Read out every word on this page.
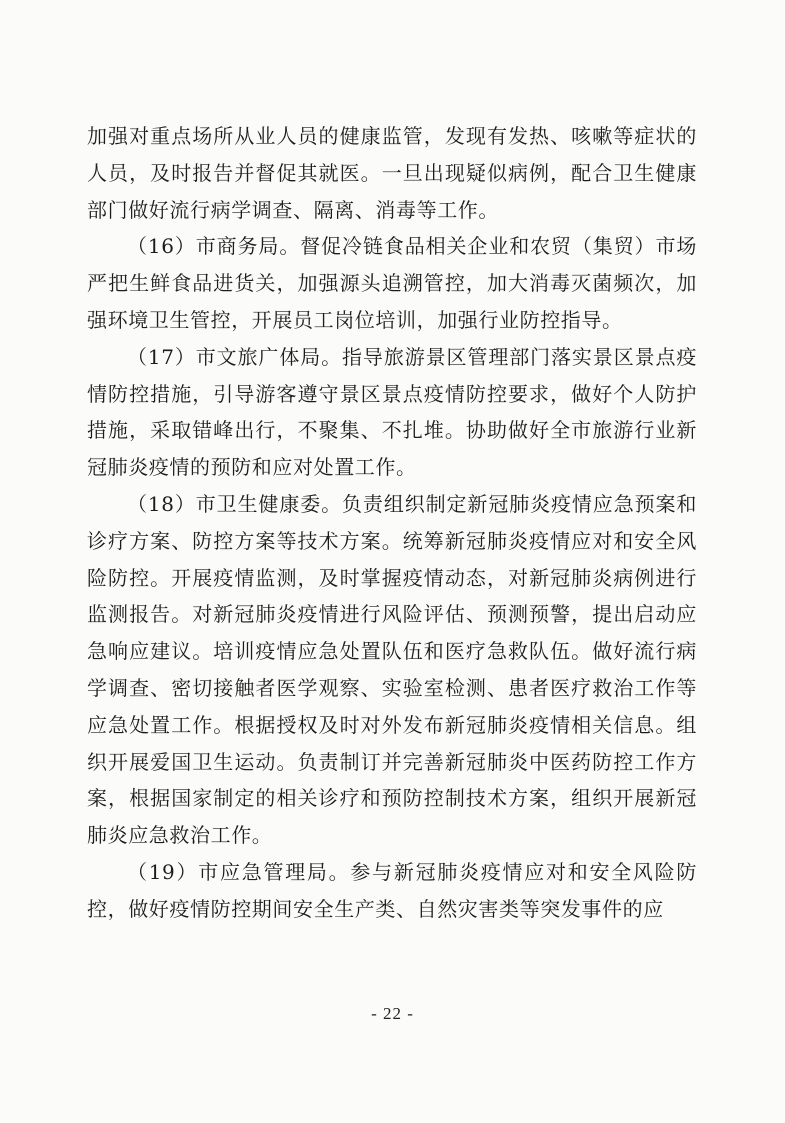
加强对重点场所从业人员的健康监管，发现有发热、咳嗽等症状的人员，及时报告并督促其就医。一旦出现疑似病例，配合卫生健康部门做好流行病学调查、隔离、消毒等工作。

（16）市商务局。督促冷链食品相关企业和农贸（集贸）市场严把生鲜食品进货关，加强源头追溯管控，加大消毒灭菌频次，加强环境卫生管控，开展员工岗位培训，加强行业防控指导。

（17）市文旅广体局。指导旅游景区管理部门落实景区景点疫情防控措施，引导游客遵守景区景点疫情防控要求，做好个人防护措施，采取错峰出行，不聚集、不扎堆。协助做好全市旅游行业新冠肺炎疫情的预防和应对处置工作。

（18）市卫生健康委。负责组织制定新冠肺炎疫情应急预案和诊疗方案、防控方案等技术方案。统筹新冠肺炎疫情应对和安全风险防控。开展疫情监测，及时掌握疫情动态，对新冠肺炎病例进行监测报告。对新冠肺炎疫情进行风险评估、预测预警，提出启动应急响应建议。培训疫情应急处置队伍和医疗急救队伍。做好流行病学调查、密切接触者医学观察、实验室检测、患者医疗救治工作等应急处置工作。根据授权及时对外发布新冠肺炎疫情相关信息。组织开展爱国卫生运动。负责制订并完善新冠肺炎中医药防控工作方案，根据国家制定的相关诊疗和预防控制技术方案，组织开展新冠肺炎应急救治工作。

（19）市应急管理局。参与新冠肺炎疫情应对和安全风险防控，做好疫情防控期间安全生产类、自然灾害类等突发事件的应

- 22 -
